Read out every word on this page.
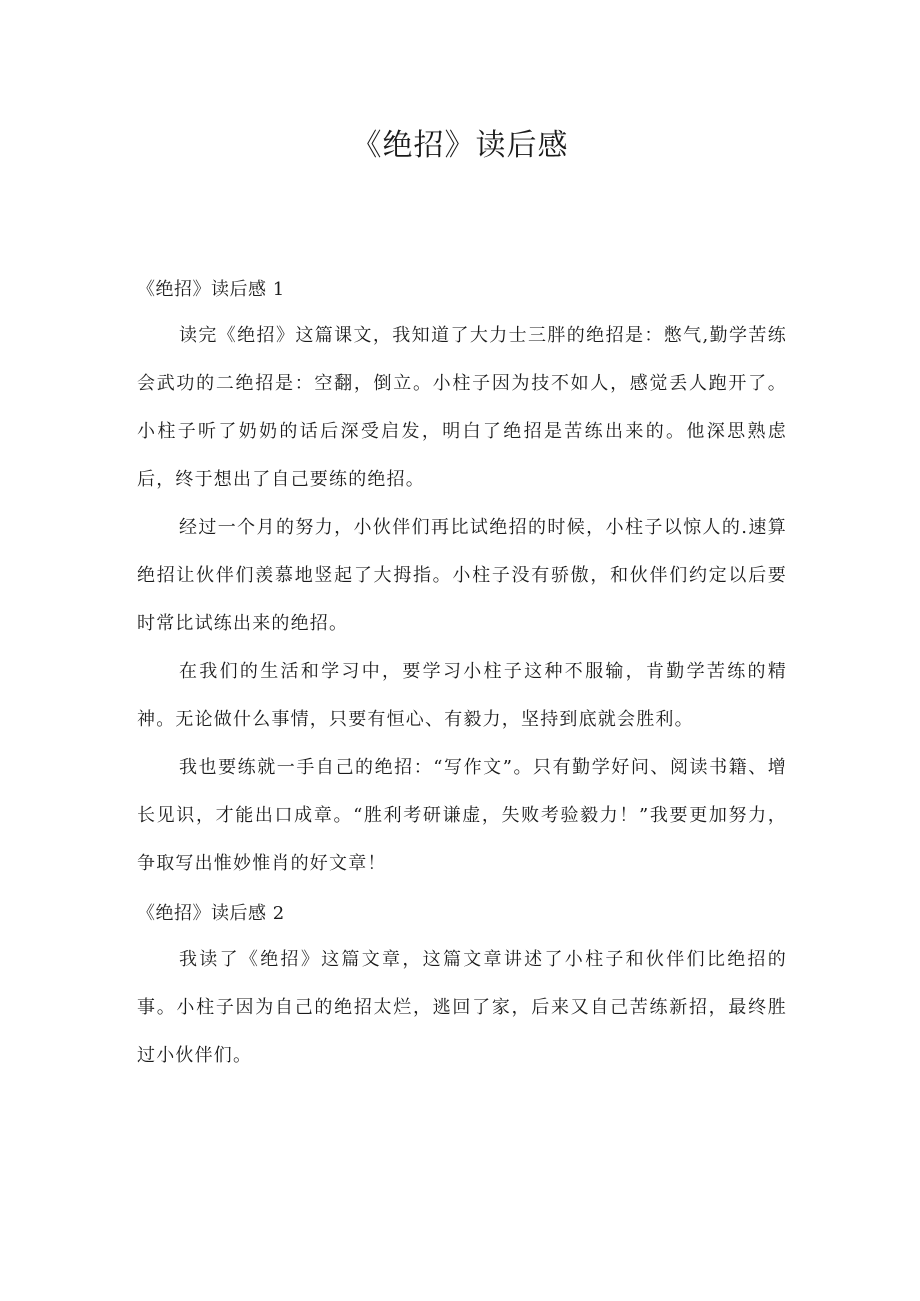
《绝招》读后感
《绝招》读后感 1

读完《绝招》这篇课文，我知道了大力士三胖的绝招是：憋气,勤学苦练会武功的二绝招是：空翻，倒立。小柱子因为技不如人，感觉丢人跑开了。小柱子听了奶奶的话后深受启发，明白了绝招是苦练出来的。他深思熟虑后，终于想出了自己要练的绝招。

经过一个月的努力，小伙伴们再比试绝招的时候，小柱子以惊人的.速算绝招让伙伴们羡慕地竖起了大拇指。小柱子没有骄傲，和伙伴们约定以后要时常比试练出来的绝招。

在我们的生活和学习中，要学习小柱子这种不服输，肯勤学苦练的精神。无论做什么事情，只要有恒心、有毅力，坚持到底就会胜利。

我也要练就一手自己的绝招：“写作文”。只有勤学好问、阅读书籍、增长见识，才能出口成章。“胜利考研谦虚，失败考验毅力！”我要更加努力，争取写出惟妙惟肖的好文章！

《绝招》读后感 2

我读了《绝招》这篇文章，这篇文章讲述了小柱子和伙伴们比绝招的事。小柱子因为自己的绝招太烂，逃回了家，后来又自己苦练新招，最终胜过小伙伴们。
